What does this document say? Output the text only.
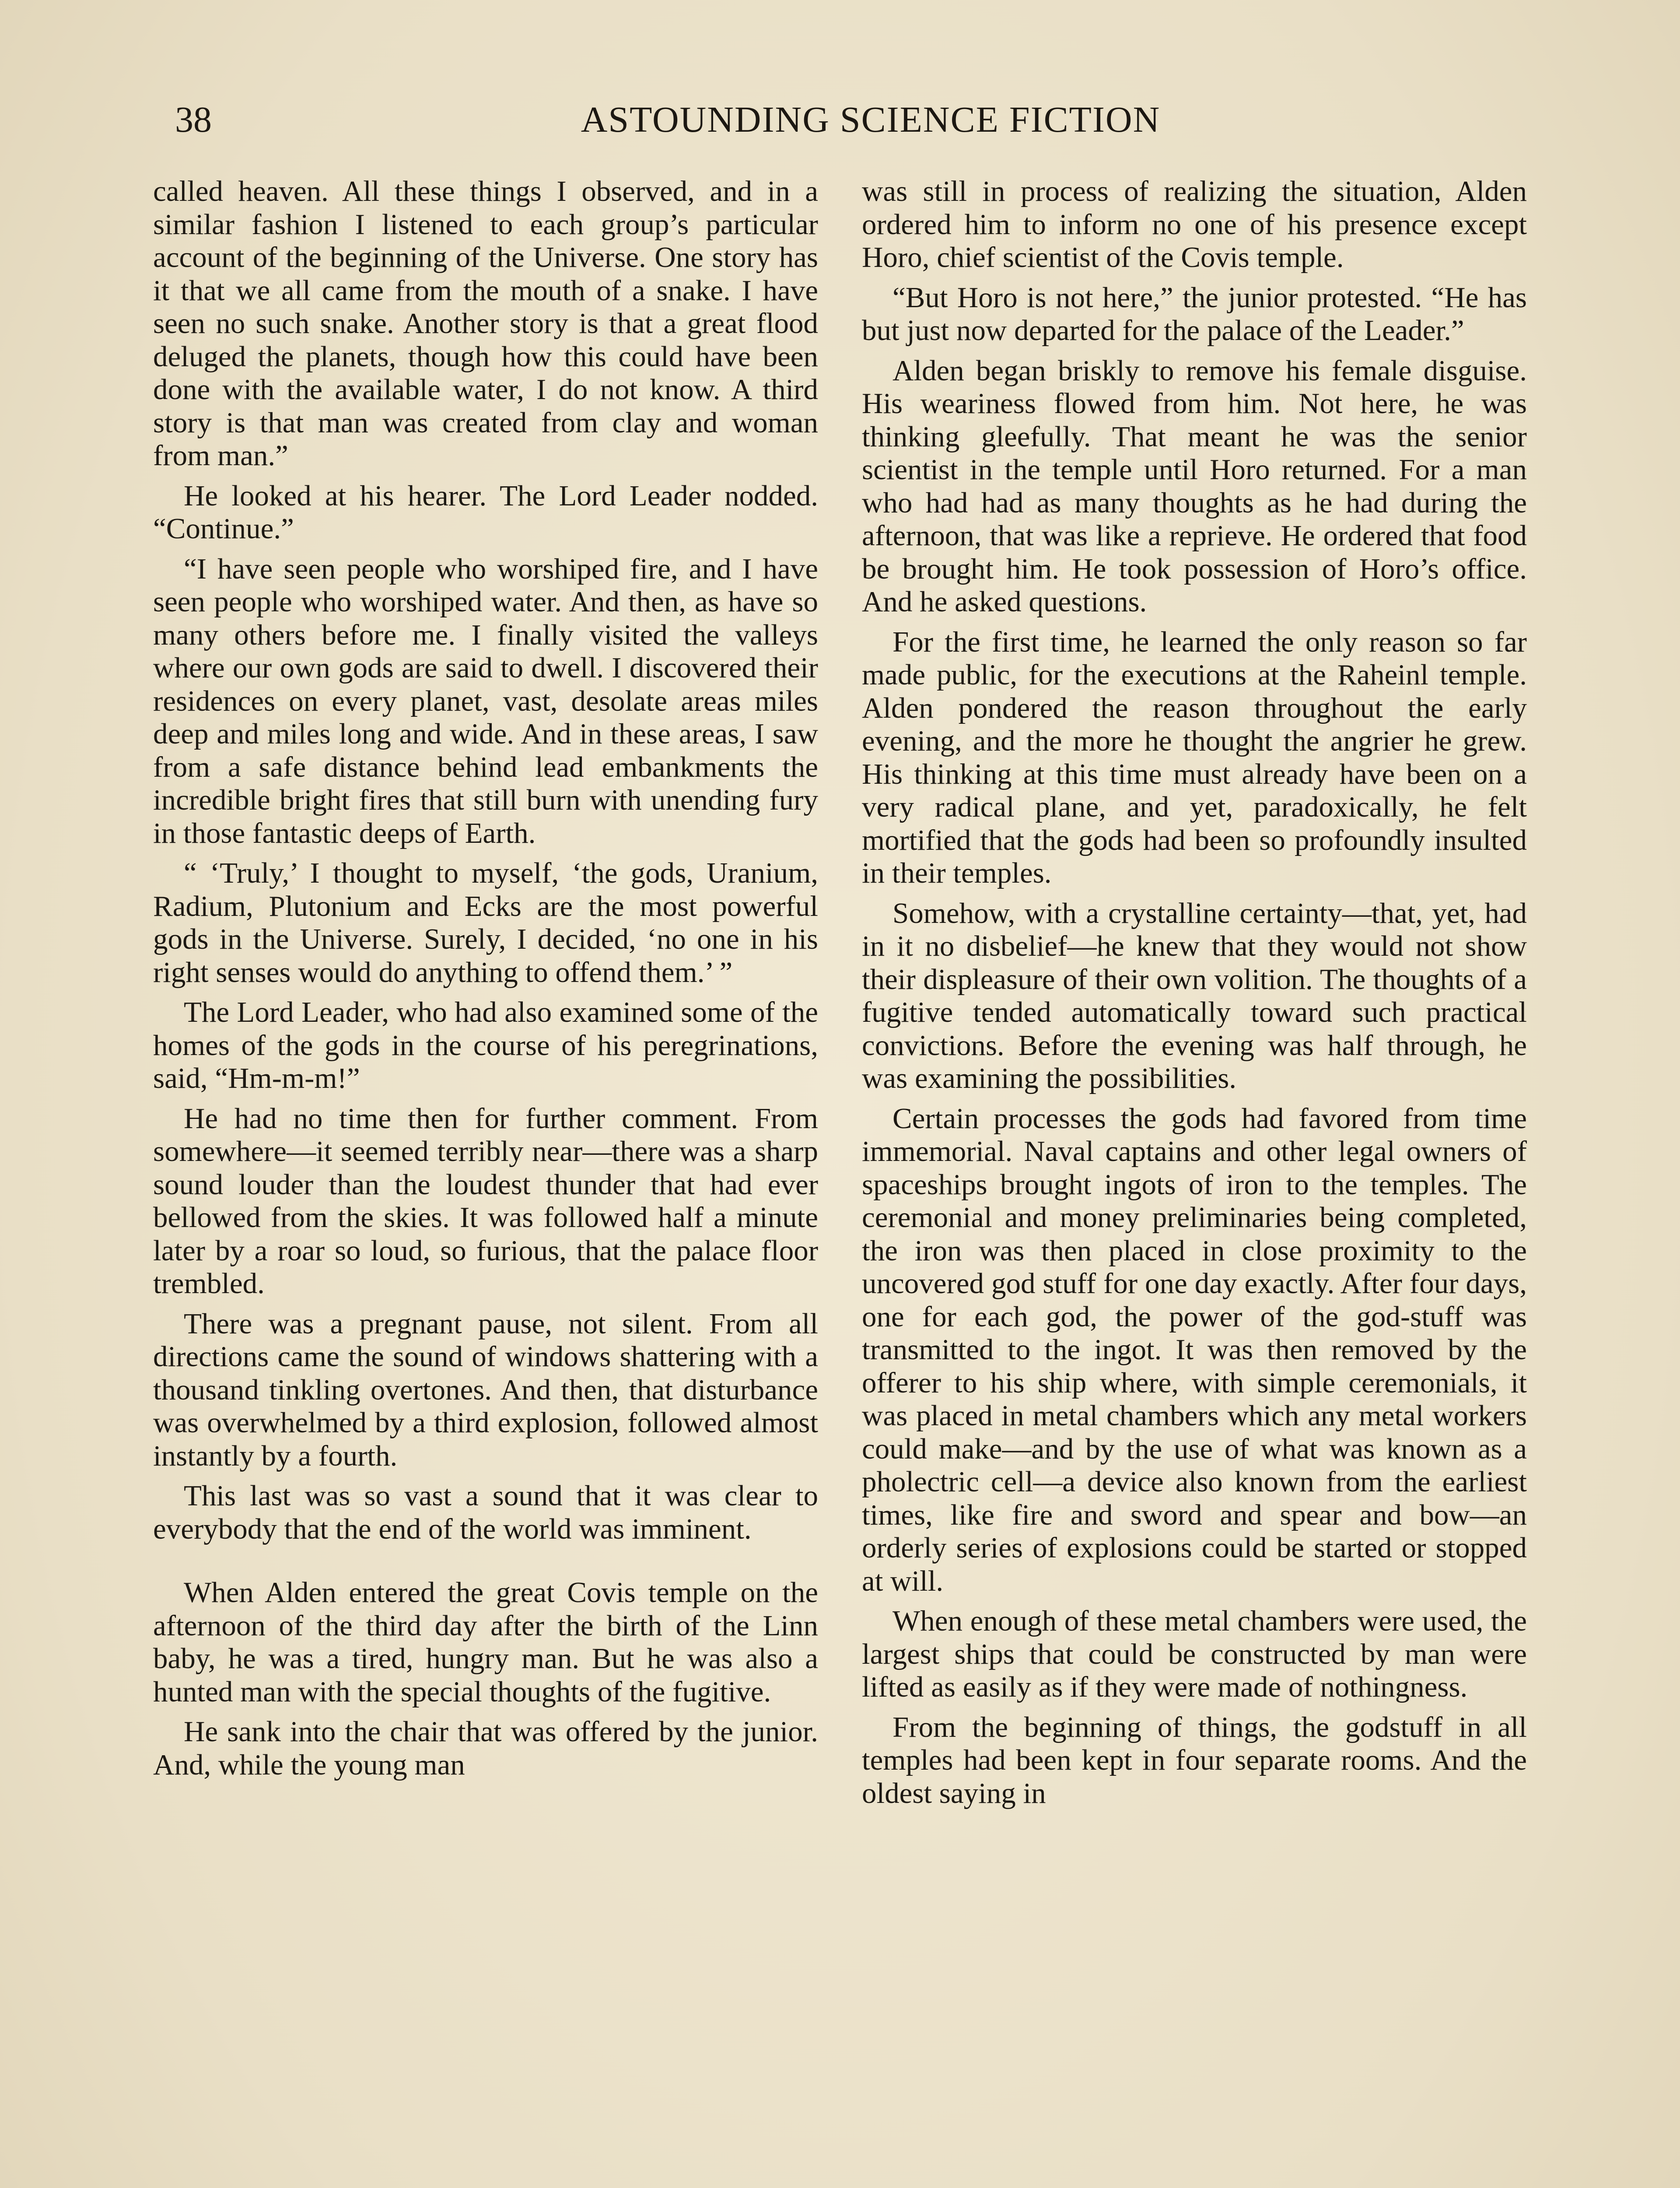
38	ASTOUNDING SCIENCE FICTION

called heaven. All these things I observed, and in a similar fashion I listened to each group’s particular account of the beginning of the Universe. One story has it that we all came from the mouth of a snake. I have seen no such snake. Another story is that a great flood deluged the planets, though how this could have been done with the available water, I do not know. A third story is that man was created from clay and woman from man.”

He looked at his hearer. The Lord Leader nodded. “Continue.”

“I have seen people who worshiped fire, and I have seen people who worshiped water. And then, as have so many others before me. I finally visited the valleys where our own gods are said to dwell. I discovered their residences on every planet, vast, desolate areas miles deep and miles long and wide. And in these areas, I saw from a safe distance behind lead embankments the incredible bright fires that still burn with unending fury in those fantastic deeps of Earth.

“ ‘Truly,’ I thought to myself, ‘the gods, Uranium, Radium, Plutonium and Ecks are the most powerful gods in the Universe. Surely, I decided, ‘no one in his right senses would do anything to offend them.’ ”

The Lord Leader, who had also examined some of the homes of the gods in the course of his peregrinations, said, “Hm-m-m!”

He had no time then for further comment. From somewhere—it seemed terribly near—there was a sharp sound louder than the loudest thunder that had ever bellowed from the skies. It was followed half a minute later by a roar so loud, so furious, that the palace floor trembled.

There was a pregnant pause, not silent. From all directions came the sound of windows shattering with a thousand tinkling overtones. And then, that disturbance was overwhelmed by a third explosion, followed almost instantly by a fourth.

This last was so vast a sound that it was clear to everybody that the end of the world was imminent.

When Alden entered the great Covis temple on the afternoon of the third day after the birth of the Linn baby, he was a tired, hungry man. But he was also a hunted man with the special thoughts of the fugitive.

He sank into the chair that was offered by the junior. And, while the young man

was still in process of realizing the situation, Alden ordered him to inform no one of his presence except Horo, chief scientist of the Covis temple.

“But Horo is not here,” the junior protested. “He has but just now departed for the palace of the Leader.”

Alden began briskly to remove his female disguise. His weariness flowed from him. Not here, he was thinking gleefully. That meant he was the senior scientist in the temple until Horo returned. For a man who had had as many thoughts as he had during the afternoon, that was like a reprieve. He ordered that food be brought him. He took possession of Horo’s office. And he asked questions.

For the first time, he learned the only reason so far made public, for the executions at the Raheinl temple. Alden pondered the reason throughout the early evening, and the more he thought the angrier he grew. His thinking at this time must already have been on a very radical plane, and yet, paradoxically, he felt mortified that the gods had been so profoundly insulted in their temples.

Somehow, with a crystalline certainty—that, yet, had in it no disbelief—he knew that they would not show their displeasure of their own volition. The thoughts of a fugitive tended automatically toward such practical convictions. Before the evening was half through, he was examining the possibilities.

Certain processes the gods had favored from time immemorial. Naval captains and other legal owners of spaceships brought ingots of iron to the temples. The ceremonial and money preliminaries being completed, the iron was then placed in close proximity to the uncovered god stuff for one day exactly. After four days, one for each god, the power of the god-stuff was transmitted to the ingot. It was then removed by the offerer to his ship where, with simple ceremonials, it was placed in metal chambers which any metal workers could make—and by the use of what was known as a pholectric cell—a device also known from the earliest times, like fire and sword and spear and bow—an orderly series of explosions could be started or stopped at will.

When enough of these metal chambers were used, the largest ships that could be constructed by man were lifted as easily as if they were made of nothingness.

From the beginning of things, the godstuff in all temples had been kept in four separate rooms. And the oldest saying in
